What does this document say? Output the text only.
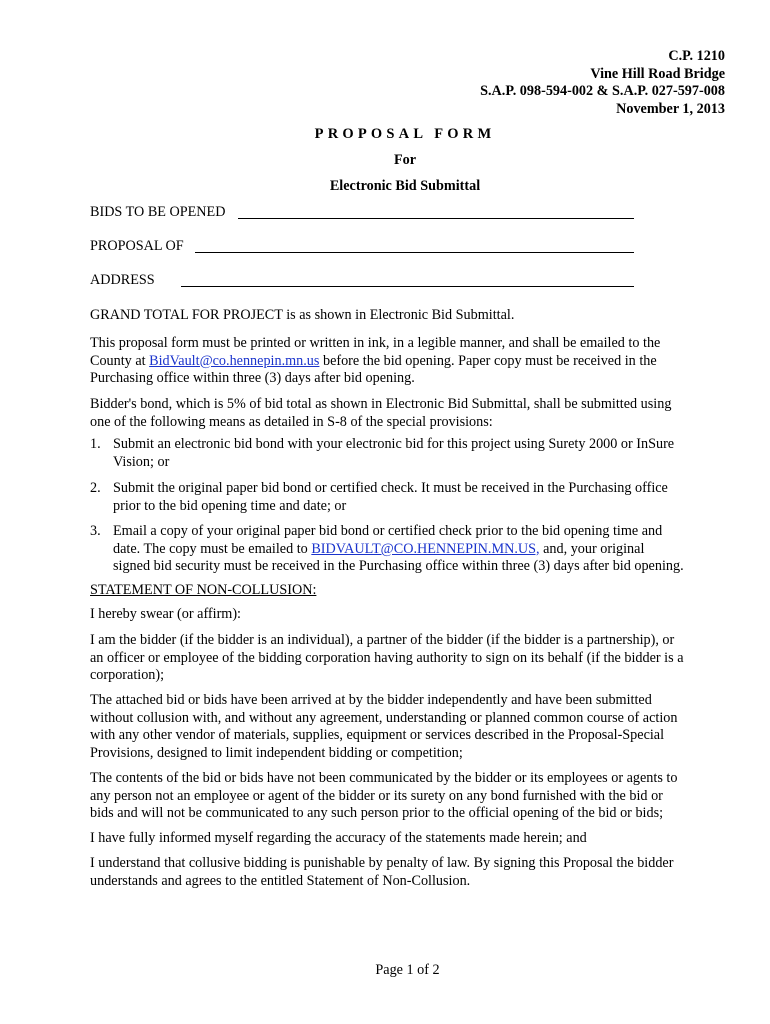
C.P. 1210
Vine Hill Road Bridge
S.A.P. 098-594-002 & S.A.P. 027-597-008
November 1, 2013
PROPOSAL FORM
For
Electronic Bid Submittal
BIDS TO BE OPENED
PROPOSAL OF
ADDRESS
GRAND TOTAL FOR PROJECT is as shown in Electronic Bid Submittal.
This proposal form must be printed or written in ink, in a legible manner, and shall be emailed to the
County at BidVault@co.hennepin.mn.us before the bid opening. Paper copy must be received in the
Purchasing office within three (3) days after bid opening.
Bidder's bond, which is 5% of bid total as shown in Electronic Bid Submittal, shall be submitted using
one of the following means as detailed in S-8 of the special provisions:
1. Submit an electronic bid bond with your electronic bid for this project using Surety 2000 or InSure
Vision; or
2. Submit the original paper bid bond or certified check. It must be received in the Purchasing office
prior to the bid opening time and date; or
3. Email a copy of your original paper bid bond or certified check prior to the bid opening time and
date. The copy must be emailed to BIDVAULT@CO.HENNEPIN.MN.US, and, your original
signed bid security must be received in the Purchasing office within three (3) days after bid opening.
STATEMENT OF NON-COLLUSION:
I hereby swear (or affirm):
I am the bidder (if the bidder is an individual), a partner of the bidder (if the bidder is a partnership), or
an officer or employee of the bidding corporation having authority to sign on its behalf (if the bidder is a
corporation);
The attached bid or bids have been arrived at by the bidder independently and have been submitted
without collusion with, and without any agreement, understanding or planned common course of action
with any other vendor of materials, supplies, equipment or services described in the Proposal-Special
Provisions, designed to limit independent bidding or competition;
The contents of the bid or bids have not been communicated by the bidder or its employees or agents to
any person not an employee or agent of the bidder or its surety on any bond furnished with the bid or
bids and will not be communicated to any such person prior to the official opening of the bid or bids;
I have fully informed myself regarding the accuracy of the statements made herein; and
I understand that collusive bidding is punishable by penalty of law. By signing this Proposal the bidder
understands and agrees to the entitled Statement of Non-Collusion.
Page 1 of 2
